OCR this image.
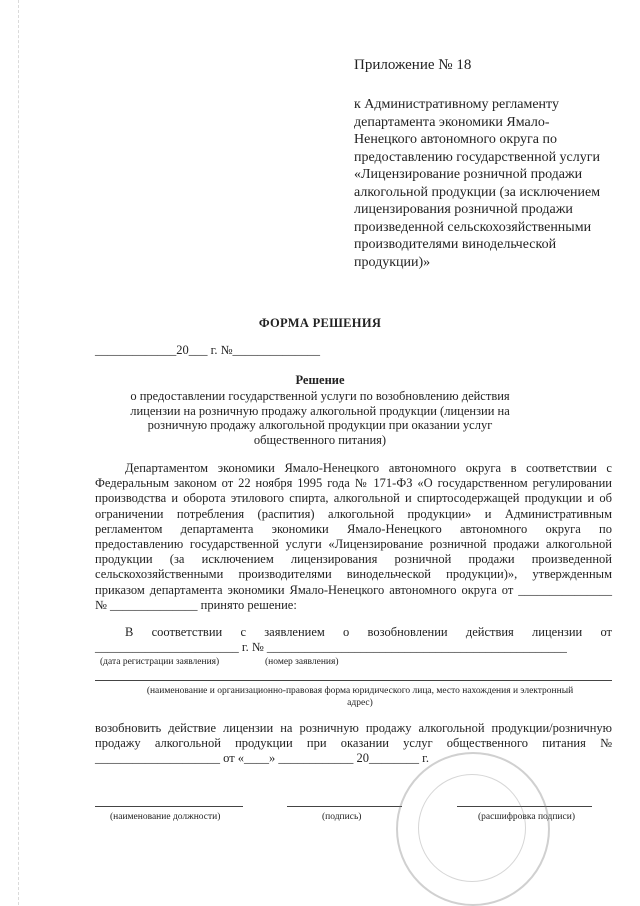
Приложение № 18
к Административному регламенту департамента экономики Ямало-Ненецкого автономного округа по предоставлению государственной услуги «Лицензирование розничной продажи алкогольной продукции (за исключением лицензирования розничной продажи произведенной сельскохозяйственными производителями винодельческой продукции)»
ФОРМА РЕШЕНИЯ
_____________20___ г. №______________
Решение
о предоставлении государственной услуги по возобновлению действия лицензии на розничную продажу алкогольной продукции (лицензии на розничную продажу алкогольной продукции при оказании услуг общественного питания)
Департаментом экономики Ямало-Ненецкого автономного округа в соответствии с Федеральным законом от 22 ноября 1995 года № 171-ФЗ «О государственном регулировании производства и оборота этилового спирта, алкогольной и спиртосодержащей продукции и об ограничении потребления (распития) алкогольной продукции» и Административным регламентом департамента экономики Ямало-Ненецкого автономного округа по предоставлению государственной услуги «Лицензирование розничной продажи алкогольной продукции (за исключением лицензирования розничной продажи произведенной сельскохозяйственными производителями винодельческой продукции)», утвержденным приказом департамента экономики Ямало-Ненецкого автономного округа от _______________ № ______________ принято решение:
В соответствии с заявлением о возобновлении действия лицензии от _______________________ г. № ________________________________________________
(дата регистрации заявления)	(номер заявления)
(наименование и организационно-правовая форма юридического лица, место нахождения и электронный адрес)
возобновить действие лицензии на розничную продажу алкогольной продукции/розничную продажу алкогольной продукции при оказании услуг общественного питания № ____________________ от «____» ____________ 20________ г.
(наименование должности)	(подпись)	(расшифровка подписи)
